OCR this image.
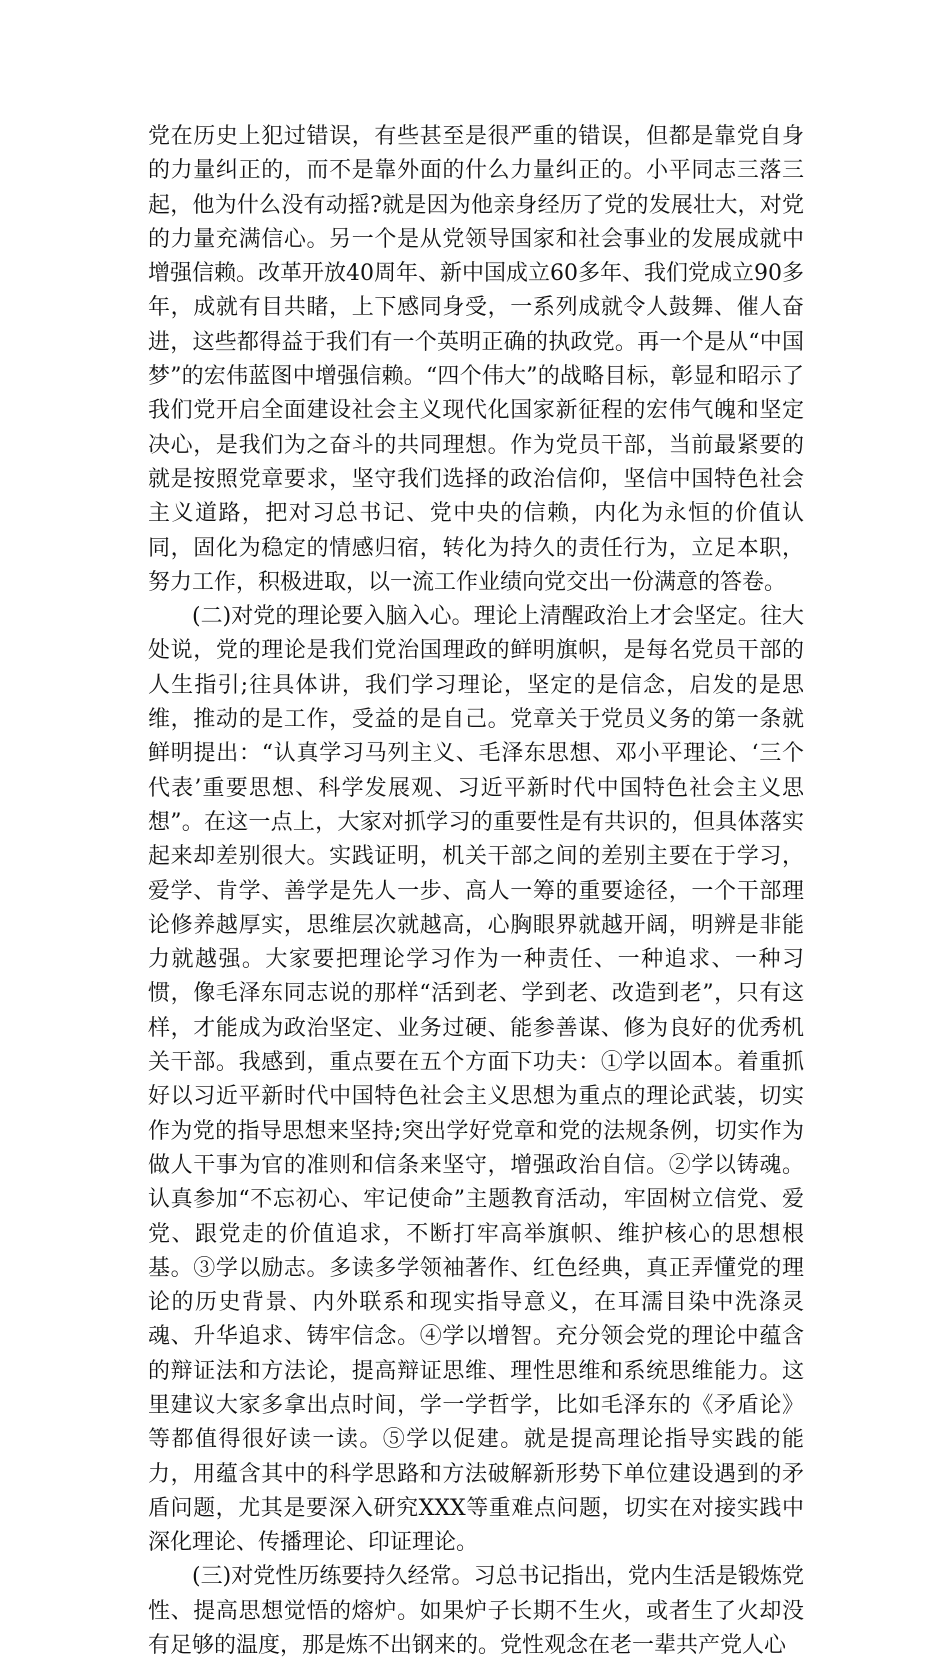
党在历史上犯过错误，有些甚至是很严重的错误，但都是靠党自身的力量纠正的，而不是靠外面的什么力量纠正的。小平同志三落三起，他为什么没有动摇?就是因为他亲身经历了党的发展壮大，对党的力量充满信心。另一个是从党领导国家和社会事业的发展成就中增强信赖。改革开放40周年、新中国成立60多年、我们党成立90多年，成就有目共睹，上下感同身受，一系列成就令人鼓舞、催人奋进，这些都得益于我们有一个英明正确的执政党。再一个是从“中国梦”的宏伟蓝图中增强信赖。“四个伟大”的战略目标，彰显和昭示了我们党开启全面建设社会主义现代化国家新征程的宏伟气魄和坚定决心，是我们为之奋斗的共同理想。作为党员干部，当前最紧要的就是按照党章要求，坚守我们选择的政治信仰，坚信中国特色社会主义道路，把对习总书记、党中央的信赖，内化为永恒的价值认同，固化为稳定的情感归宿，转化为持久的责任行为，立足本职，努力工作，积极进取，以一流工作业绩向党交出一份满意的答卷。

(二)对党的理论要入脑入心。理论上清醒政治上才会坚定。往大处说，党的理论是我们党治国理政的鲜明旗帜，是每名党员干部的人生指引;往具体讲，我们学习理论，坚定的是信念，启发的是思维，推动的是工作，受益的是自己。党章关于党员义务的第一条就鲜明提出：“认真学习马列主义、毛泽东思想、邓小平理论、‘三个代表’重要思想、科学发展观、习近平新时代中国特色社会主义思想”。在这一点上，大家对抓学习的重要性是有共识的，但具体落实起来却差别很大。实践证明，机关干部之间的差别主要在于学习，爱学、肯学、善学是先人一步、高人一筹的重要途径，一个干部理论修养越厚实，思维层次就越高，心胸眼界就越开阔，明辨是非能力就越强。大家要把理论学习作为一种责任、一种追求、一种习惯，像毛泽东同志说的那样“活到老、学到老、改造到老”，只有这样，才能成为政治坚定、业务过硬、能参善谋、修为良好的优秀机关干部。我感到，重点要在五个方面下功夫：①学以固本。着重抓好以习近平新时代中国特色社会主义思想为重点的理论武装，切实作为党的指导思想来坚持;突出学好党章和党的法规条例，切实作为做人干事为官的准则和信条来坚守，增强政治自信。②学以铸魂。认真参加“不忘初心、牢记使命”主题教育活动，牢固树立信党、爱党、跟党走的价值追求，不断打牢高举旗帜、维护核心的思想根基。③学以励志。多读多学领袖著作、红色经典，真正弄懂党的理论的历史背景、内外联系和现实指导意义，在耳濡目染中洗涤灵魂、升华追求、铸牢信念。④学以增智。充分领会党的理论中蕴含的辩证法和方法论，提高辩证思维、理性思维和系统思维能力。这里建议大家多拿出点时间，学一学哲学，比如毛泽东的《矛盾论》等都值得很好读一读。⑤学以促建。就是提高理论指导实践的能力，用蕴含其中的科学思路和方法破解新形势下单位建设遇到的矛盾问题，尤其是要深入研究XXX等重难点问题，切实在对接实践中深化理论、传播理论、印证理论。

(三)对党性历练要持久经常。习总书记指出，党内生活是锻炼党性、提高思想觉悟的熔炉。如果炉子长期不生火，或者生了火却没有足够的温度，那是炼不出钢来的。党性观念在老一辈共产党人心
